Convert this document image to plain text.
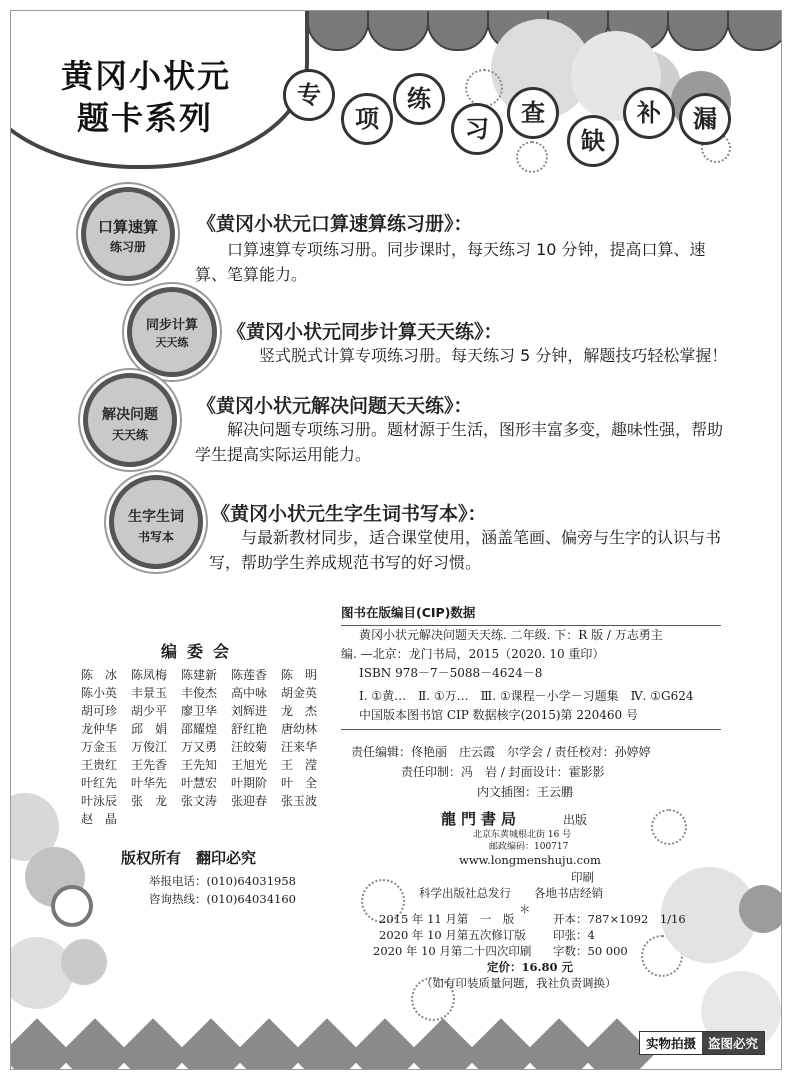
黄冈小状元
题卡系列
专
项
练
习
查
缺
补	漏
口算速算
练习册
《黄冈小状元口算速算练习册》：
口算速算专项练习册。同步课时，每天练习 10 分钟，提高口算、速算、笔算能力。
同步计算
天天练	《黄冈小状元同步计算天天练》：
竖式脱式计算专项练习册。每天练习 5 分钟，解题技巧轻松掌握！
解决问题
天天练
《黄冈小状元解决问题天天练》：
解决问题专项练习册。题材源于生活，图形丰富多变，趣味性强，帮助学生提高实际运用能力。
生字生词
书写本
《黄冈小状元生字生词书写本》：
与最新教材同步，适合课堂使用，涵盖笔画、偏旁与生字的认识与书写，帮助学生养成规范书写的好习惯。
编委会
陈　冰	陈凤梅	陈建新	陈莲香	陈　明
陈小英	丰景玉	丰俊杰	高中咏	胡金英
胡可珍	胡少平	廖卫华	刘辉进	龙　杰
龙仲华	邱　娟	邵耀煌	舒红艳	唐幼林
万金玉	万俊江	万又勇	汪皎菊	汪来华
王贵红	王先香	王先知	王旭光	王　滢
叶红先	叶华先	叶慧宏	叶期阶	叶　全
叶泳辰	张　龙	张文涛	张迎春	张玉波
赵　晶
版权所有　翻印必究
举报电话：(010)64031958
咨询热线：(010)64034160
图书在版编目(CIP)数据
黄冈小状元解决问题天天练. 二年级. 下：R 版 / 万志勇主
编. —北京：龙门书局，2015（2020. 10 重印）
ISBN 978－7－5088－4624－8
Ⅰ. ①黄…　Ⅱ. ①万…　Ⅲ. ①课程－小学－习题集　Ⅳ. ①G624
中国版本图书馆 CIP 数据核字(2015)第 220460 号
责任编辑：佟艳丽　庄云霞　尔学会 / 责任校对：孙婷婷
责任印制：冯　岩 / 封面设计：霍影影
内文插图：王云鹏
龍門書局	出版
北京东黄城根北街 16 号
邮政编码：100717
www.longmenshuju.com
印刷
科学出版社总发行　　各地书店经销
＊
2015 年 11 月第　一　版	开本：787×1092　1/16
2020 年 10 月第五次修订版 印张：4
2020 年 10 月第二十四次印刷 字数：50 000
定价：16.80 元
（如有印装质量问题，我社负责调换）
实物拍摄 盗图必究
